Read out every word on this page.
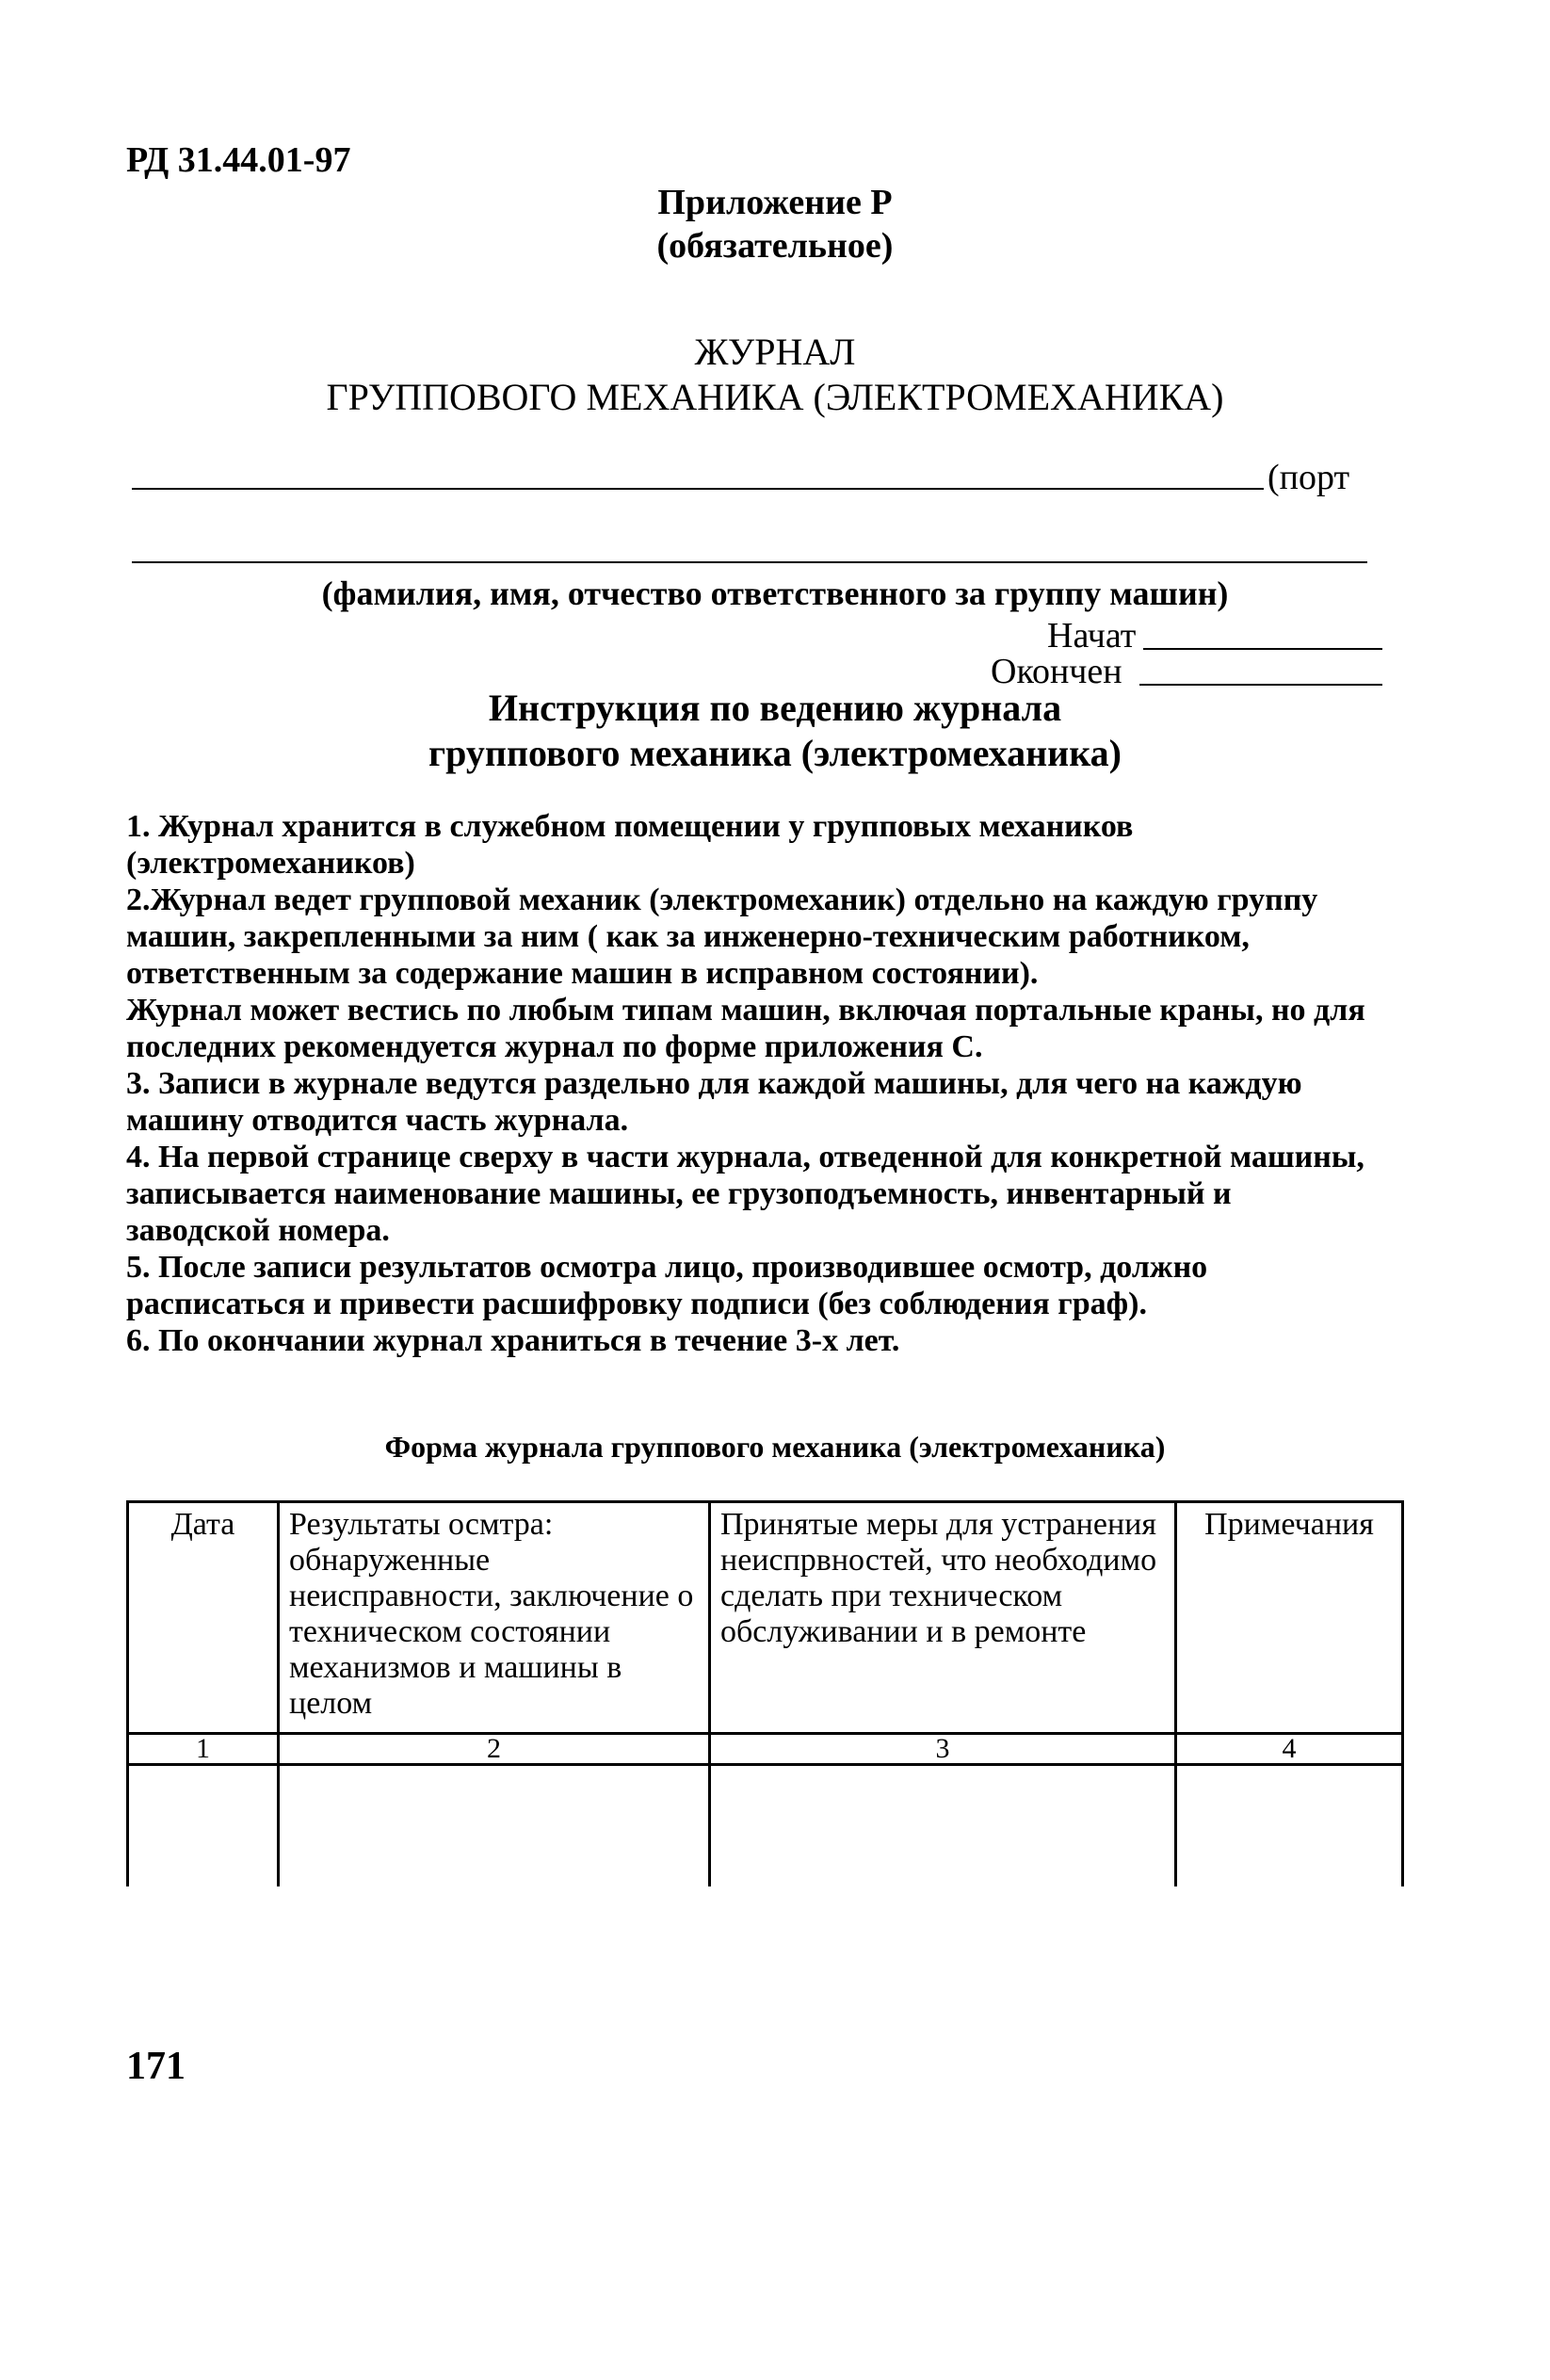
РД 31.44.01-97
Приложение Р
(обязательное)
ЖУРНАЛ
ГРУППОВОГО МЕХАНИКА (ЭЛЕКТРОМЕХАНИКА)
(порт
(фамилия, имя, отчество ответственного за группу машин)
Начат
Окончен
Инструкция по ведению журнала
группового механика (электромеханика)

1. Журнал хранится в служебном помещении у групповых механиков (электромехаников)

2.Журнал ведет групповой механик (электромеханик) отдельно на каждую группу машин, закрепленными за ним ( как за инженерно-техническим работником, ответственным за содержание машин в исправном состоянии).

Журнал может вестись по любым типам машин, включая портальные краны, но для последних рекомендуется журнал по форме приложения С.

3. Записи в журнале ведутся раздельно для каждой машины, для чего на каждую машину отводится часть журнала.

4. На первой странице сверху в части журнала, отведенной для конкретной машины, записывается наименование машины, ее грузоподъемность, инвентарный и заводской номера.

5. После записи результатов осмотра лицо, производившее осмотр, должно расписаться и привести расшифровку подписи (без соблюдения граф).

6. По окончании журнал храниться в течение 3-х лет.

Форма журнала группового механика (электромеханика)
Дата	Результаты осмтра: обнаруженные неисправности, заключение о техническом состоянии механизмов и машины в целом	Принятые меры для устранения неиспрвностей, что необходимо сделать при техническом обслуживании и в ремонте	Примечания
1	2	3	4

171
